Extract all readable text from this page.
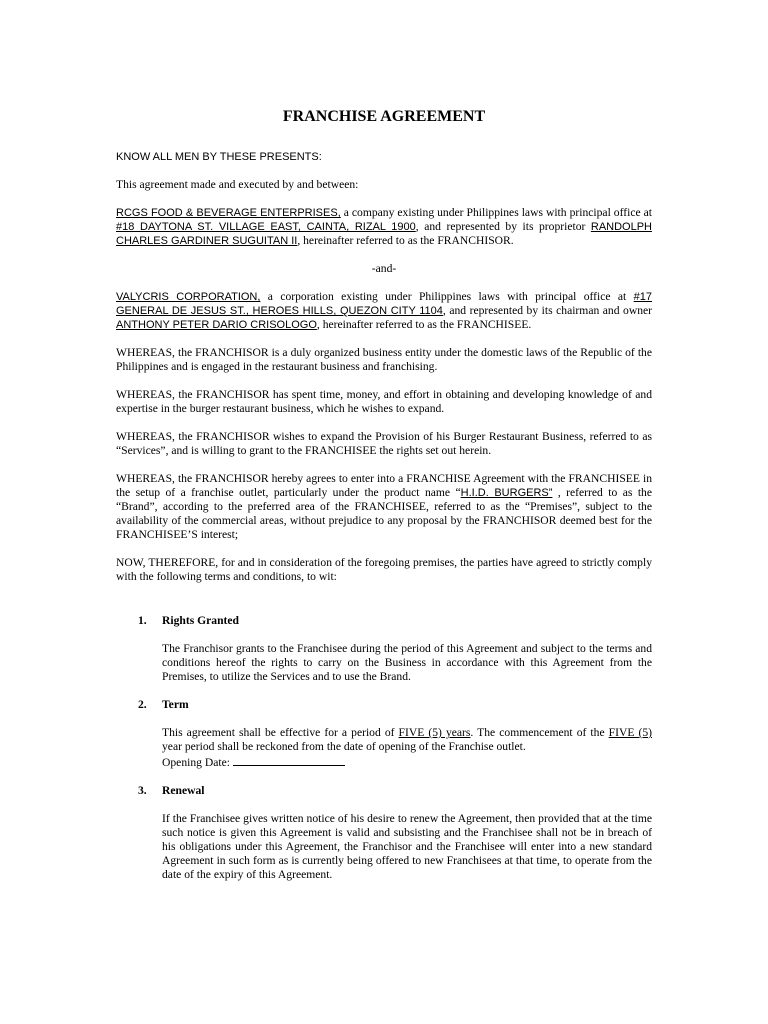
FRANCHISE AGREEMENT

KNOW ALL MEN BY THESE PRESENTS:

This agreement made and executed by and between:

RCGS FOOD & BEVERAGE ENTERPRISES, a company existing under Philippines laws with principal office at #18 DAYTONA ST. VILLAGE EAST, CAINTA, RIZAL 1900, and represented by its proprietor RANDOLPH CHARLES GARDINER SUGUITAN II, hereinafter referred to as the FRANCHISOR.

-and-

VALYCRIS CORPORATION, a corporation existing under Philippines laws with principal office at #17 GENERAL DE JESUS ST., HEROES HILLS, QUEZON CITY 1104, and represented by its chairman and owner ANTHONY PETER DARIO CRISOLOGO, hereinafter referred to as the FRANCHISEE.

WHEREAS, the FRANCHISOR is a duly organized business entity under the domestic laws of the Republic of the Philippines and is engaged in the restaurant business and franchising.

WHEREAS, the FRANCHISOR has spent time, money, and effort in obtaining and developing knowledge of and expertise in the burger restaurant business, which he wishes to expand.

WHEREAS, the FRANCHISOR wishes to expand the Provision of his Burger Restaurant Business, referred to as “Services”, and is willing to grant to the FRANCHISEE the rights set out herein.

WHEREAS, the FRANCHISOR hereby agrees to enter into a FRANCHISE Agreement with the FRANCHISEE in the setup of a franchise outlet, particularly under the product name “H.I.D. BURGERS” , referred to as the “Brand”, according to the preferred area of the FRANCHISEE, referred to as the “Premises”, subject to the availability of the commercial areas, without prejudice to any proposal by the FRANCHISOR deemed best for the FRANCHISEE’S interest;

NOW, THEREFORE, for and in consideration of the foregoing premises, the parties have agreed to strictly comply with the following terms and conditions, to wit:

1.	Rights Granted

The Franchisor grants to the Franchisee during the period of this Agreement and subject to the terms and conditions hereof the rights to carry on the Business in accordance with this Agreement from the Premises, to utilize the Services and to use the Brand.

2.	Term

This agreement shall be effective for a period of FIVE (5) years. The commencement of the FIVE (5) year period shall be reckoned from the date of opening of the Franchise outlet.
Opening Date:

3.	Renewal

If the Franchisee gives written notice of his desire to renew the Agreement, then provided that at the time such notice is given this Agreement is valid and subsisting and the Franchisee shall not be in breach of his obligations under this Agreement, the Franchisor and the Franchisee will enter into a new standard Agreement in such form as is currently being offered to new Franchisees at that time, to operate from the date of the expiry of this Agreement.
